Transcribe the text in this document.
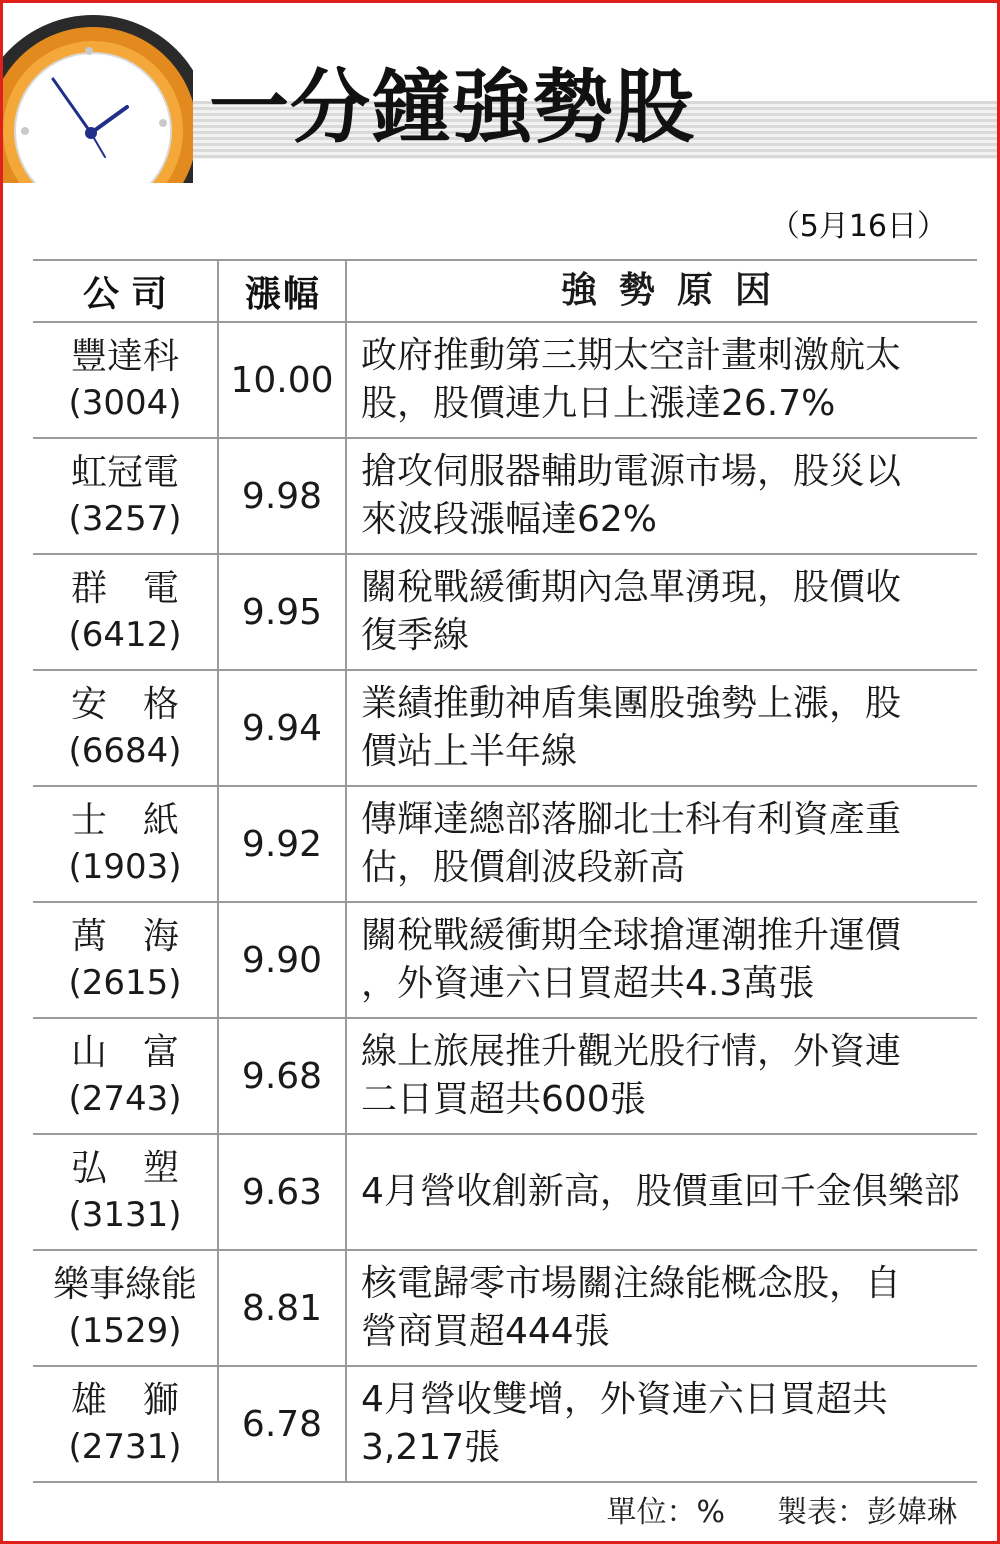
一分鐘強勢股
（5月16日）
公司 漲幅	強勢原因
豐達科
(3004)
10.00
政府推動第三期太空計畫刺激航太
股，股價連九日上漲達26.7%
虹冠電
(3257)
9.98
搶攻伺服器輔助電源市場，股災以
來波段漲幅達62%
群　電
(6412)
9.95
關稅戰緩衝期內急單湧現，股價收
復季線
安　格
(6684)
9.94
業績推動神盾集團股強勢上漲，股
價站上半年線
士　紙
(1903)
9.92
傳輝達總部落腳北士科有利資產重
估，股價創波段新高
萬　海
(2615)
9.90
關稅戰緩衝期全球搶運潮推升運價
，外資連六日買超共4.3萬張
山　富
(2743)
9.68
線上旅展推升觀光股行情，外資連
二日買超共600張
弘　塑
(3131)
9.63 4月營收創新高，股價重回千金俱樂部
樂事綠能
(1529)
8.81
核電歸零市場關注綠能概念股，自
營商買超444張
雄　獅
(2731)
6.78
4月營收雙增，外資連六日買超共
3,217張
單位：% 製表：彭媁琳
